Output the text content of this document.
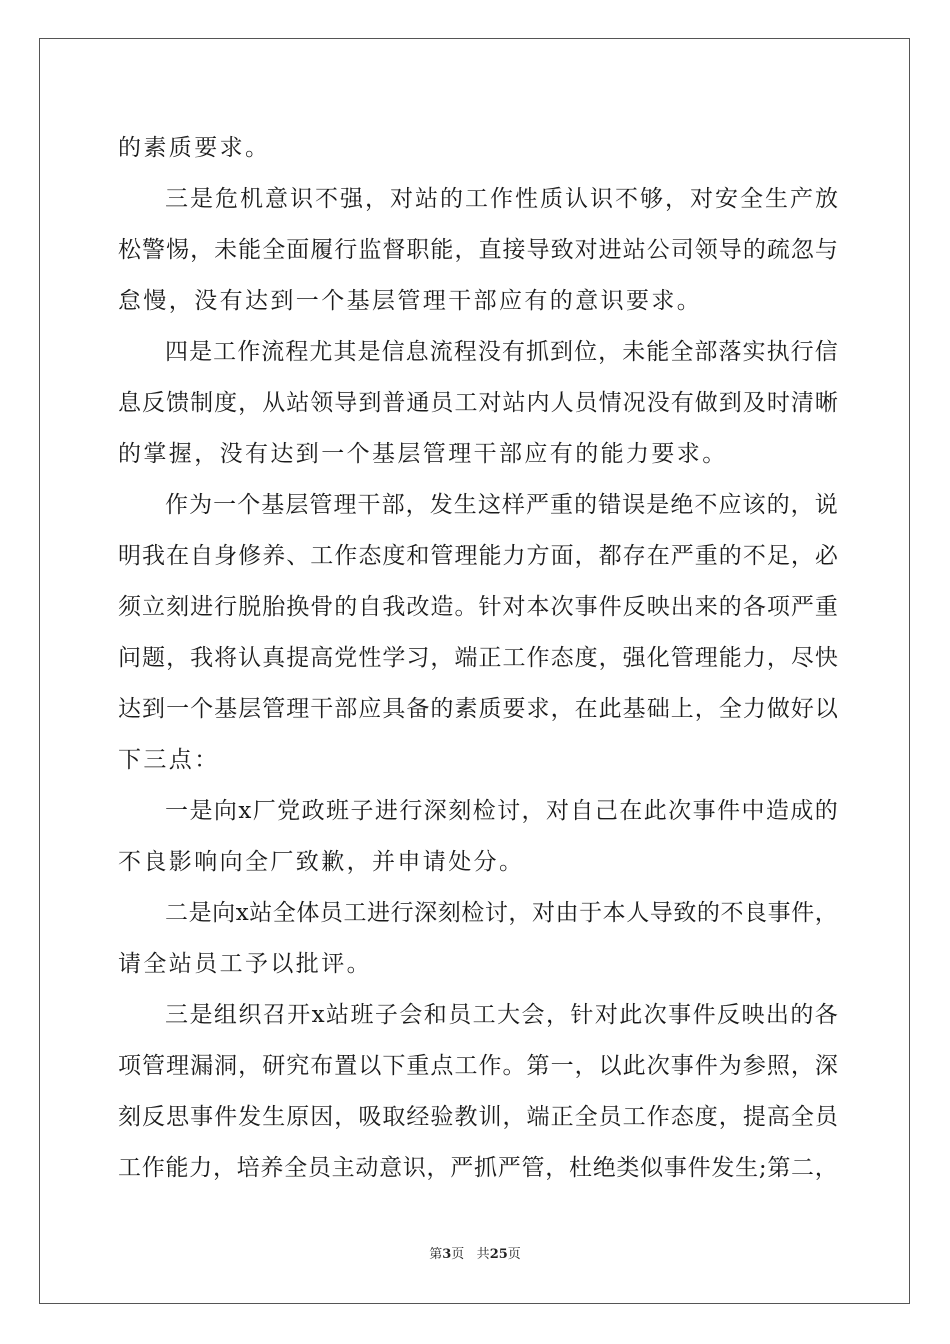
的素质要求。
三 是 危 机 意 识 不 强 ， 对 站 的 工 作 性 质 认 识 不 够 ， 对 安 全 生 产 放
松 警 惕 ， 未 能 全 面 履 行 监 督 职 能 ， 直 接 导 致 对 进 站 公 司 领 导 的 疏 忽 与
怠慢，没有达到一个基层管理干部应有的意识要求。
四 是 工 作 流 程 尤 其 是 信 息 流 程 没 有 抓 到 位 ， 未 能 全 部 落 实 执 行 信
息 反 馈 制 度 ， 从 站 领 导 到 普 通 员 工 对 站 内 人 员 情 况 没 有 做 到 及 时 清 晰
的掌握，没有达到一个基层管理干部应有的能力要求。
作 为 一 个 基 层 管 理 干 部 ， 发 生 这 样 严 重 的 错 误 是 绝 不 应 该 的 ， 说
明 我 在 自 身 修 养 、 工 作 态 度 和 管 理 能 力 方 面 ， 都 存 在 严 重 的 不 足 ， 必
须 立 刻 进 行 脱 胎 换 骨 的 自 我 改 造 。 针 对 本 次 事 件 反 映 出 来 的 各 项 严 重
问 题 ， 我 将 认 真 提 高 党 性 学 习 ， 端 正 工 作 态 度 ， 强 化 管 理 能 力 ， 尽 快
达 到 一 个 基 层 管 理 干 部 应 具 备 的 素 质 要 求 ， 在 此 基 础 上 ， 全 力 做 好 以
下三点：
一 是 向 x 厂 党 政 班 子 进 行 深 刻 检 讨 ， 对 自 己 在 此 次 事 件 中 造 成 的
不良影响向全厂致歉，并申请处分。
二 是 向 x 站 全 体 员 工 进 行 深 刻 检 讨 ， 对 由 于 本 人 导 致 的 不 良 事 件 ，
请全站员工予以批评。
三 是 组 织 召 开 x 站 班 子 会 和 员 工 大 会 ， 针 对 此 次 事 件 反 映 出 的 各
项 管 理 漏 洞 ， 研 究 布 置 以 下 重 点 工 作 。 第 一 ， 以 此 次 事 件 为 参 照 ， 深
刻 反 思 事 件 发 生 原 因 ， 吸 取 经 验 教 训 ， 端 正 全 员 工 作 态 度 ， 提 高 全 员
工 作 能 力 ， 培 养 全 员 主 动 意 识 ， 严 抓 严 管 ， 杜 绝 类 似 事 件 发 生 ; 第 二 ，
第3页 共25页
